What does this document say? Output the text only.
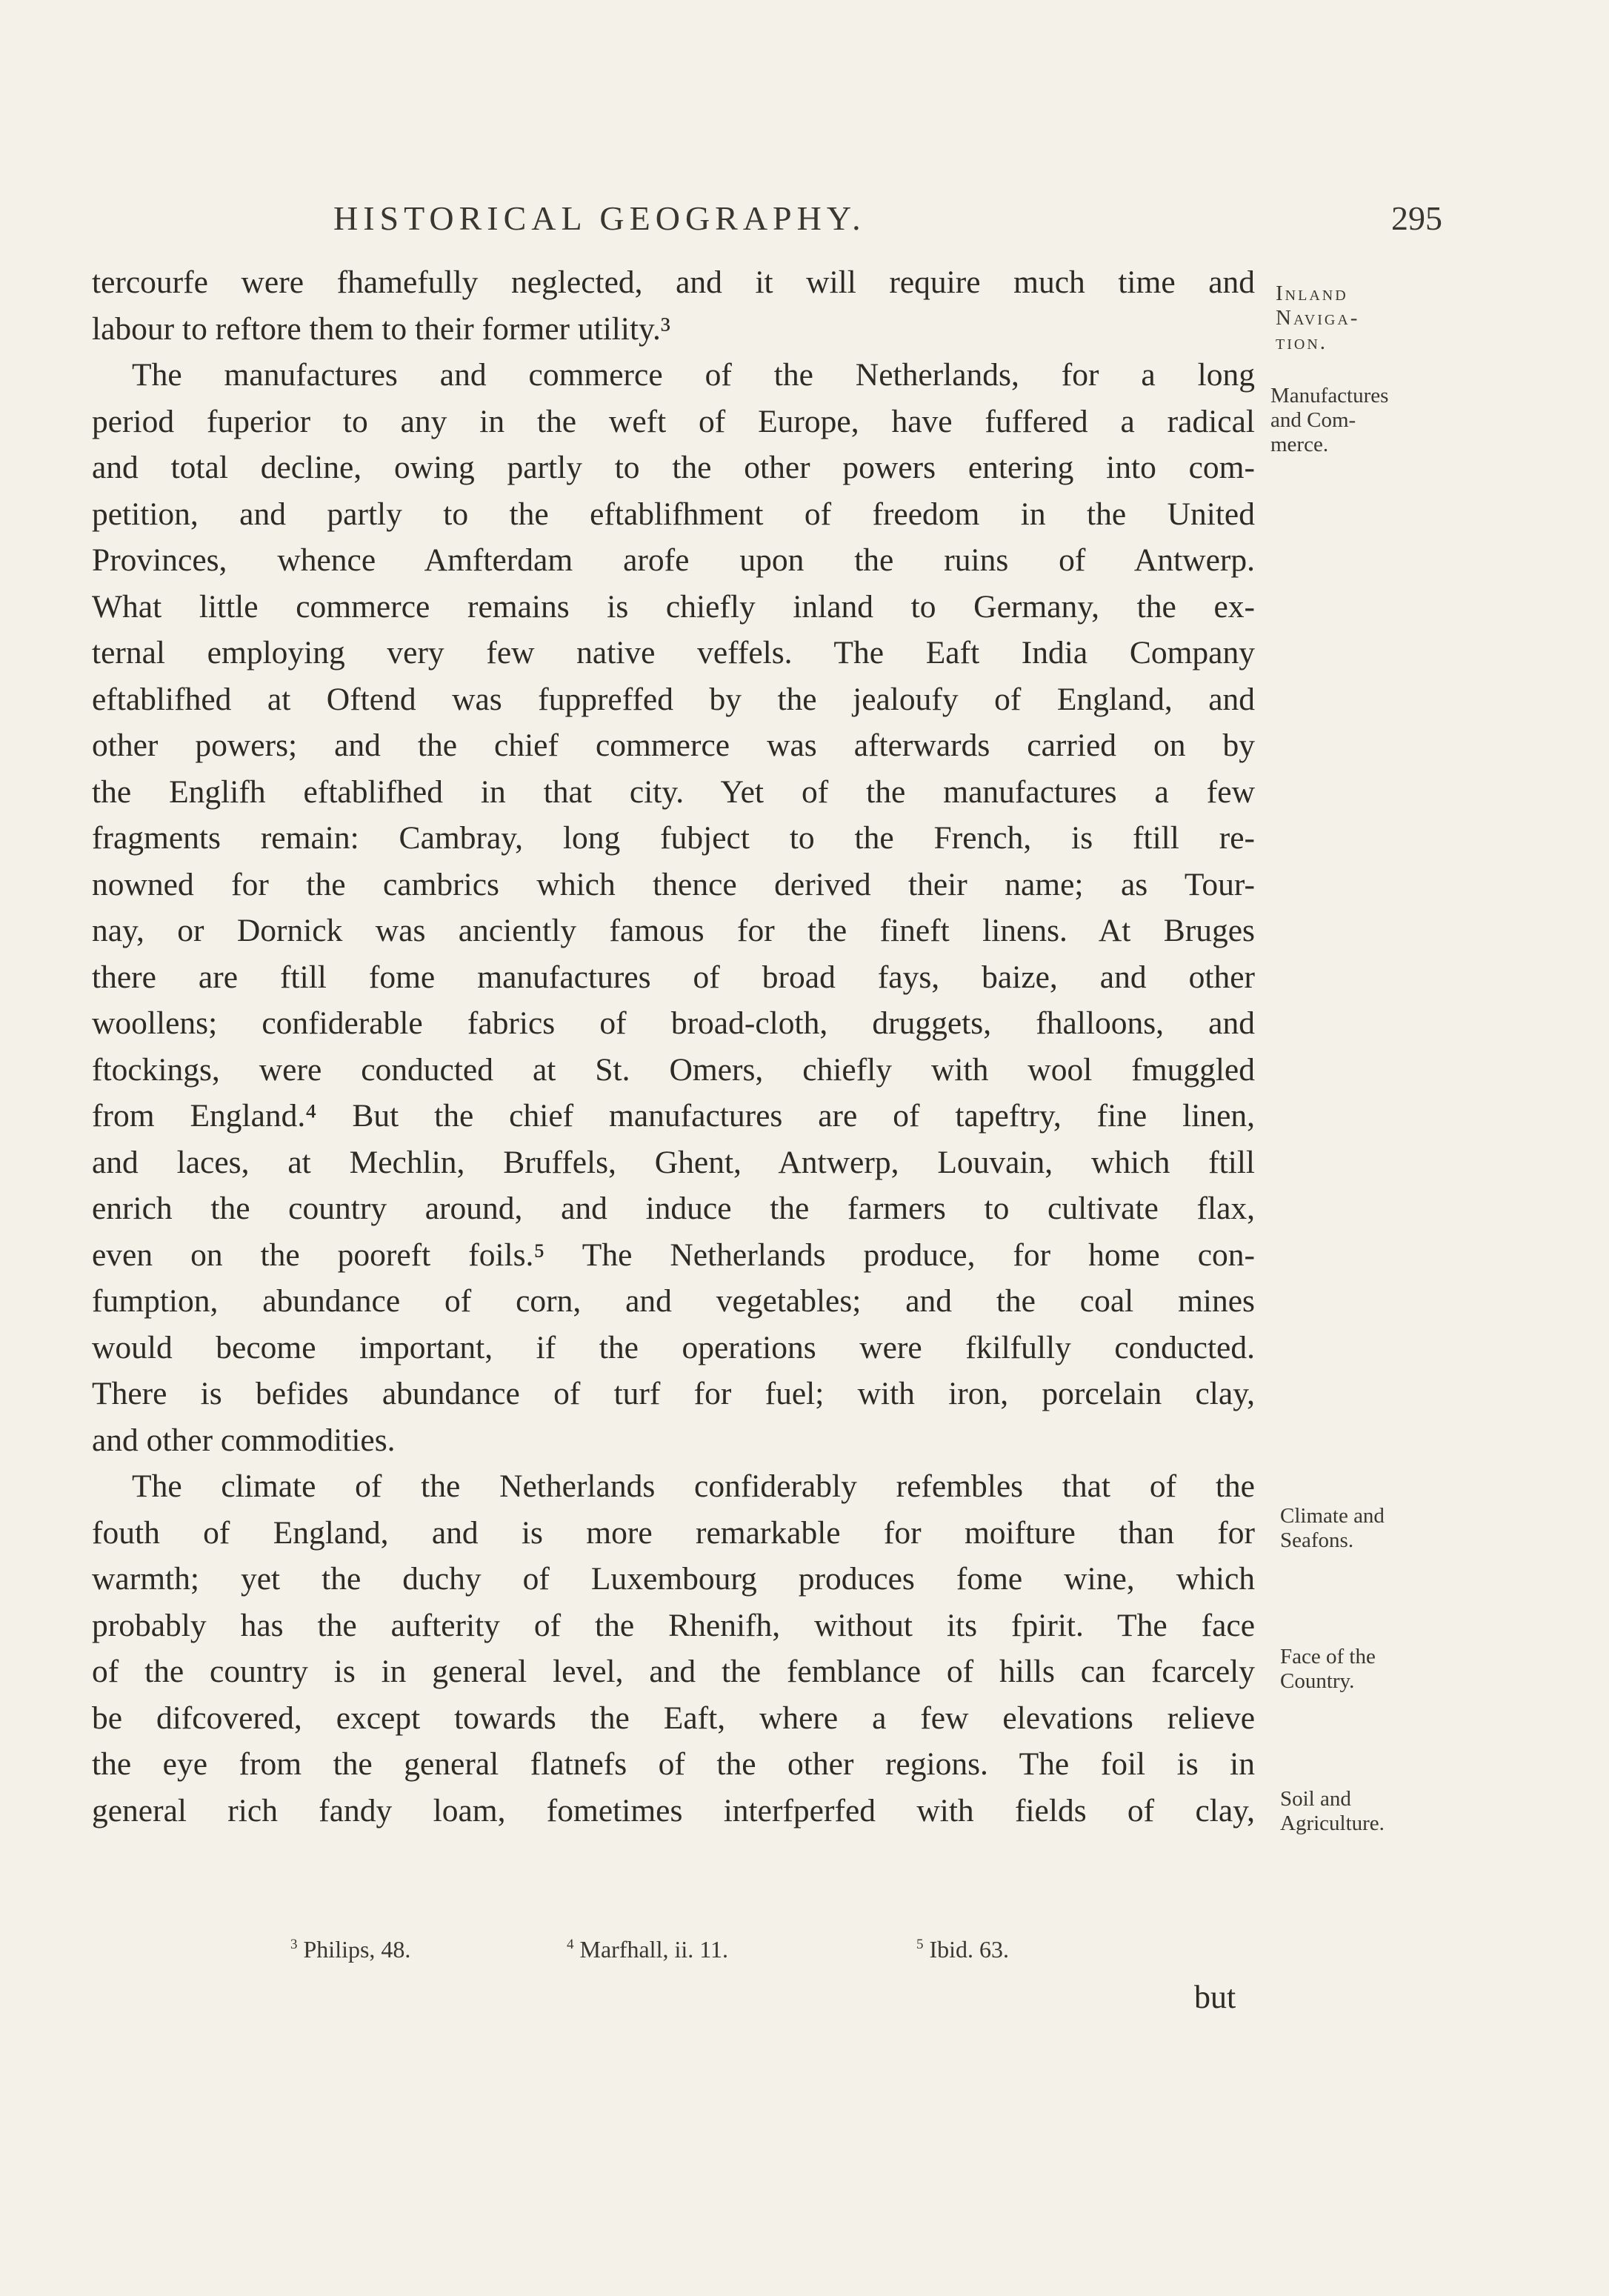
HISTORICAL GEOGRAPHY.	295
tercourfe were fhamefully neglected, and it will require much time and
labour to reftore them to their former utility.³
The manufactures and commerce of the Netherlands, for a long
period fuperior to any in the weft of Europe, have fuffered a radical
and total decline, owing partly to the other powers entering into com-
petition, and partly to the eftablifhment of freedom in the United
Provinces, whence Amfterdam arofe upon the ruins of Antwerp.
What little commerce remains is chiefly inland to Germany, the ex-
ternal employing very few native veffels. The Eaft India Company
eftablifhed at Oftend was fuppreffed by the jealoufy of England, and
other powers; and the chief commerce was afterwards carried on by
the Englifh eftablifhed in that city. Yet of the manufactures a few
fragments remain: Cambray, long fubject to the French, is ftill re-
nowned for the cambrics which thence derived their name; as Tour-
nay, or Dornick was anciently famous for the fineft linens. At Bruges
there are ftill fome manufactures of broad fays, baize, and other
woollens; confiderable fabrics of broad-cloth, druggets, fhalloons, and
ftockings, were conducted at St. Omers, chiefly with wool fmuggled
from England.⁴ But the chief manufactures are of tapeftry, fine linen,
and laces, at Mechlin, Bruffels, Ghent, Antwerp, Louvain, which ftill
enrich the country around, and induce the farmers to cultivate flax,
even on the pooreft foils.⁵ The Netherlands produce, for home con-
fumption, abundance of corn, and vegetables; and the coal mines
would become important, if the operations were fkilfully conducted.
There is befides abundance of turf for fuel; with iron, porcelain clay,
and other commodities.
The climate of the Netherlands confiderably refembles that of the
fouth of England, and is more remarkable for moifture than for
warmth; yet the duchy of Luxembourg produces fome wine, which
probably has the aufterity of the Rhenifh, without its fpirit. The face
of the country is in general level, and the femblance of hills can fcarcely
be difcovered, except towards the Eaft, where a few elevations relieve
the eye from the general flatnefs of the other regions. The foil is in
general rich fandy loam, fometimes interfperfed with fields of clay,
Inland
Naviga-
tion.
Manufactures
and Com-
merce.
Climate and
Seafons.
Face of the
Country.
Soil and
Agriculture.
$^3$ Philips, 48.	$^4$ Marfhall, ii. 11.	$^5$ Ibid. 63.
but
